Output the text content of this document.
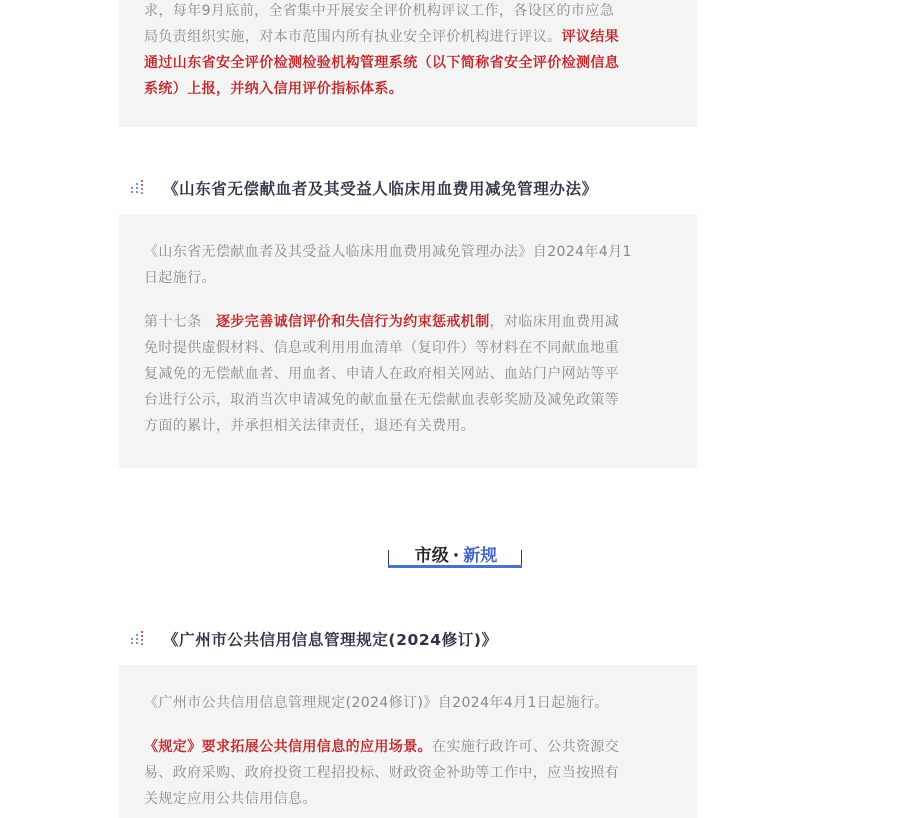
求，每年9月底前，全省集中开展安全评价机构评议工作，各设区的市应急

局负责组织实施，对本市范围内所有执业安全评价机构进行评议。评议结果

通过山东省安全评价检测检验机构管理系统（以下简称省安全评价检测信息

系统）上报，并纳入信用评价指标体系。

《山东省无偿献血者及其受益人临床用血费用减免管理办法》

《山东省无偿献血者及其受益人临床用血费用减免管理办法》自2024年4月1

日起施行。

第十七条　逐步完善诚信评价和失信行为约束惩戒机制，对临床用血费用减

免时提供虚假材料、信息或利用用血清单（复印件）等材料在不同献血地重

复减免的无偿献血者、用血者、申请人在政府相关网站、血站门户网站等平

台进行公示，取消当次申请减免的献血量在无偿献血表彰奖励及减免政策等

方面的累计，并承担相关法律责任，退还有关费用。

市级 · 新规
《广州市公共信用信息管理规定(2024修订)》

《广州市公共信用信息管理规定(2024修订)》自2024年4月1日起施行。

《规定》要求拓展公共信用信息的应用场景。在实施行政许可、公共资源交

易、政府采购、政府投资工程招投标、财政资金补助等工作中，应当按照有

关规定应用公共信用信息。
